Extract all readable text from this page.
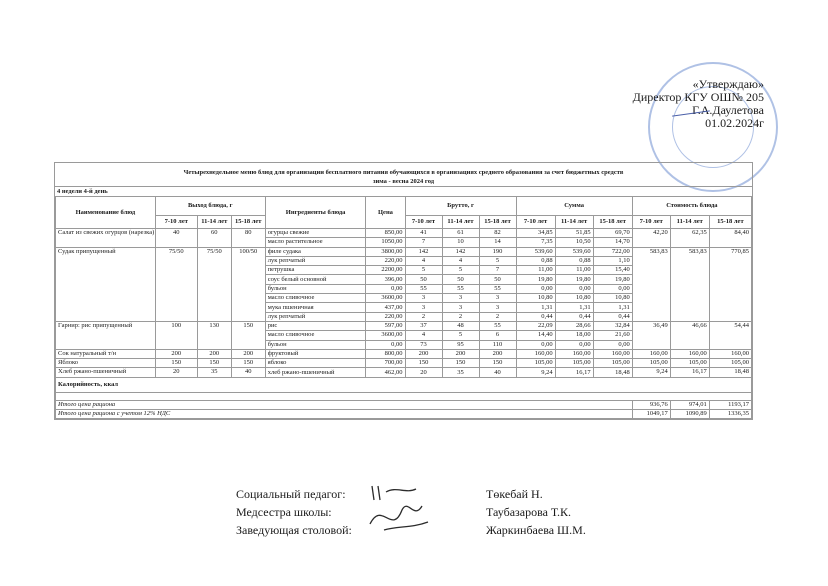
«Утверждаю»
Директор КГУ ОШ№ 205
Г.А.Даулетова
01.02.2024г
Четырехнедельное меню блюд для организации бесплатного питания обучающихся в организациях среднего образования за счет бюджетных средств
зима - весна 2024 год
4 недели 4-й день
Наименование блюд	Выход блюда, г			Ингредиенты блюда	Цена	Брутто, г			Сумма			Стоимость блюда		
	7-10 лет	11-14 лет	15-18 лет			7-10 лет	11-14 лет	15-18 лет	7-10 лет	11-14 лет	15-18 лет	7-10 лет	11-14 лет	15-18 лет
Салат из свежих огурцов (нарезка)	40	60	80	огурцы свежие	850,00	41	61	82	34,85	51,85	69,70	42,20	62,35	84,40
				масло растительное	1050,00	7	10	14	7,35	10,50	14,70			
Судак припущенный	75/50	75/50	100/50	филе судака	3800,00	142	142	190	539,60	539,60	722,00	583,83	583,83	770,85
				лук репчатый	220,00	4	4	5	0,88	0,88	1,10			
				петрушка	2200,00	5	5	7	11,00	11,00	15,40			
				соус белый основной	396,00	50	50	50	19,80	19,80	19,80			
				бульон	0,00	55	55	55	0,00	0,00	0,00			
				масло сливочное	3600,00	3	3	3	10,80	10,80	10,80			
				мука пшеничная	437,00	3	3	3	1,31	1,31	1,31			
				лук репчатый	220,00	2	2	2	0,44	0,44	0,44			
Гарнир: рис припущенный	100	130	150	рис	597,00	37	48	55	22,09	28,66	32,84	36,49	46,66	54,44
				масло сливочное	3600,00	4	5	6	14,40	18,00	21,60			
				бульон	0,00	73	95	110	0,00	0,00	0,00			
Сок натуральный т/н	200	200	200	фруктовый	800,00	200	200	200	160,00	160,00	160,00	160,00	160,00	160,00
Яблоко	150	150	150	яблоко	700,00	150	150	150	105,00	105,00	105,00	105,00	105,00	105,00
Хлеб ржано-пшеничный	20	35	40	хлеб ржано-пшеничный	462,00	20	35	40	9,24	16,17	18,48	9,24	16,17	18,48
Калорийность, ккал														

Итого цена рациона												936,76	974,01	1193,17
Итого цена рациона с учетом 12% НДС												1049,17	1090,89	1336,35
Социальный педагог:	Төкебай Н.
Медсестра школы:	Таубазарова Т.К.
Заведующая столовой:	Жаркинбаева Ш.М.
